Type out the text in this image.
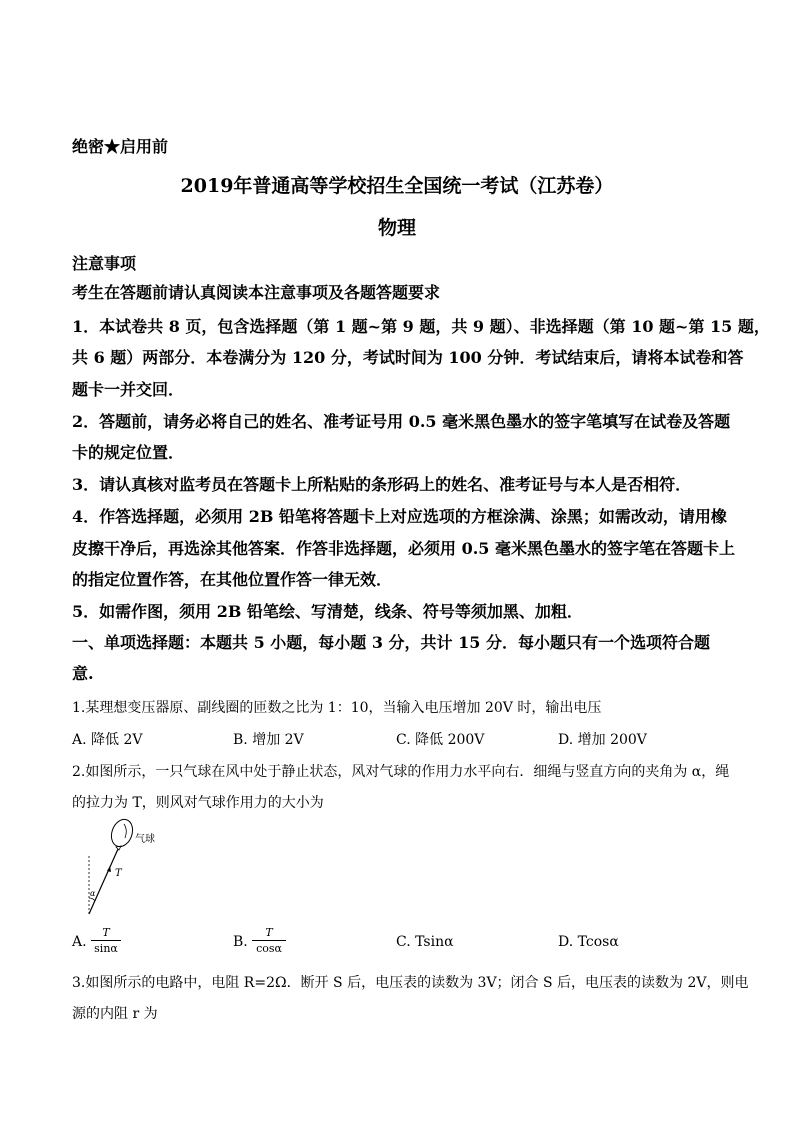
绝密★启用前
2019年普通高等学校招生全国统一考试（江苏卷）
物理
注意事项
考生在答题前请认真阅读本注意事项及各题答题要求
1．本试卷共 8 页，包含选择题（第 1 题~第 9 题，共 9 题）、非选择题（第 10 题~第 15 题，
共 6 题）两部分．本卷满分为 120 分，考试时间为 100 分钟．考试结束后，请将本试卷和答
题卡一并交回．
2．答题前，请务必将自己的姓名、准考证号用 0.5 毫米黑色墨水的签字笔填写在试卷及答题
卡的规定位置．
3．请认真核对监考员在答题卡上所粘贴的条形码上的姓名、准考证号与本人是否相符．
4．作答选择题，必须用 2B 铅笔将答题卡上对应选项的方框涂满、涂黑；如需改动，请用橡
皮擦干净后，再选涂其他答案．作答非选择题，必须用 0.5 毫米黑色墨水的签字笔在答题卡上
的指定位置作答，在其他位置作答一律无效．
5．如需作图，须用 2B 铅笔绘、写清楚，线条、符号等须加黑、加粗．
一、单项选择题：本题共 5 小题，每小题 3 分，共计 15 分．每小题只有一个选项符合题
意.
1.某理想变压器原、副线圈的匝数之比为 1：10，当输入电压增加 20V 时，输出电压
A. 降低 2V	B. 增加 2V	C. 降低 200V	D. 增加 200V
2.如图所示，一只气球在风中处于静止状态，风对气球的作用力水平向右．细绳与竖直方向的夹角为 α，绳
的拉力为 T，则风对气球作用力的大小为
气球
T
α
A.
T
sinα	B.
T
cosα	C. Tsinα	D. Tcosα
3.如图所示的电路中，电阻 R=2Ω．断开 S 后，电压表的读数为 3V；闭合 S 后，电压表的读数为 2V，则电
源的内阻 r 为
